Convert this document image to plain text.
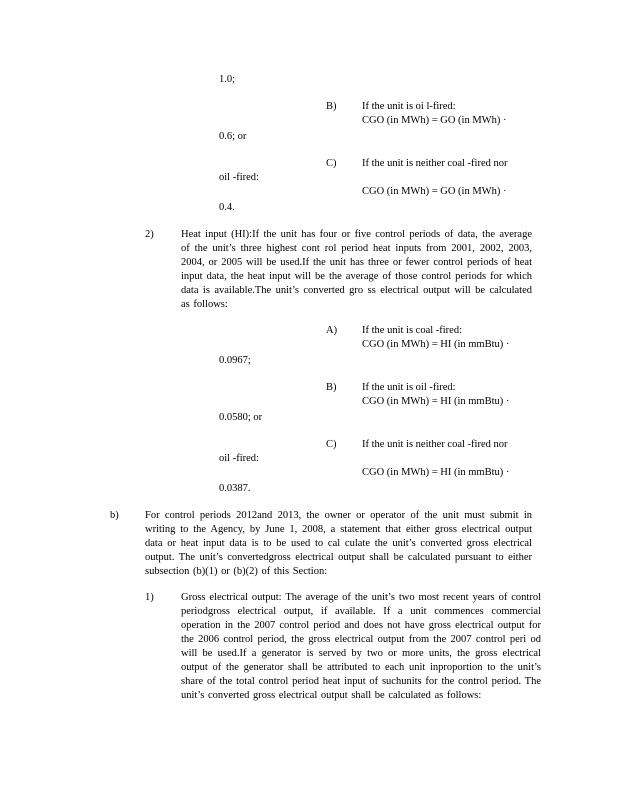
1.0;
B) If the unit is oi l-fired:
CGO (in MWh) = GO (in MWh) ·
0.6; or
C) If the unit is neither coal -fired nor
oil -fired:
CGO (in MWh) = GO (in MWh) ·
0.4.
2)	Heat input (HI):If the unit has four or five control periods of data, the average of the unit’s three highest cont rol period heat inputs from 2001, 2002, 2003, 2004, or 2005 will be used.If the unit has three or fewer control periods of heat input data, the heat input will be the average of those control periods for which data is available.The unit’s converted gro ss electrical output will be calculated as follows:
A) If the unit is coal -fired:
CGO (in MWh) = HI (in mmBtu) ·
0.0967;
B) If the unit is oil -fired:
CGO (in MWh) = HI (in mmBtu) ·
0.0580; or
C) If the unit is neither coal -fired nor
oil -fired:
CGO (in MWh) = HI (in mmBtu) ·
0.0387.
b)	For control periods 2012and 2013, the owner or operator of the unit must submit in writing to the Agency, by June 1, 2008, a statement that either gross electrical output data or heat input data is to be used to cal culate the unit’s converted gross electrical output. The unit’s convertedgross electrical output shall be calculated pursuant to either subsection (b)(1) or (b)(2) of this Section:
1)	Gross electrical output: The average of the unit’s two most recent years of control periodgross electrical output, if available. If a unit commences commercial operation in the 2007 control period and does not have gross electrical output for the 2006 control period, the gross electrical output from the 2007 control peri od will be used.If a generator is served by two or more units, the gross electrical output of the generator shall be attributed to each unit inproportion to the unit’s share of the total control period heat input of suchunits for the control period. The unit’s converted gross electrical output shall be calculated as follows:
